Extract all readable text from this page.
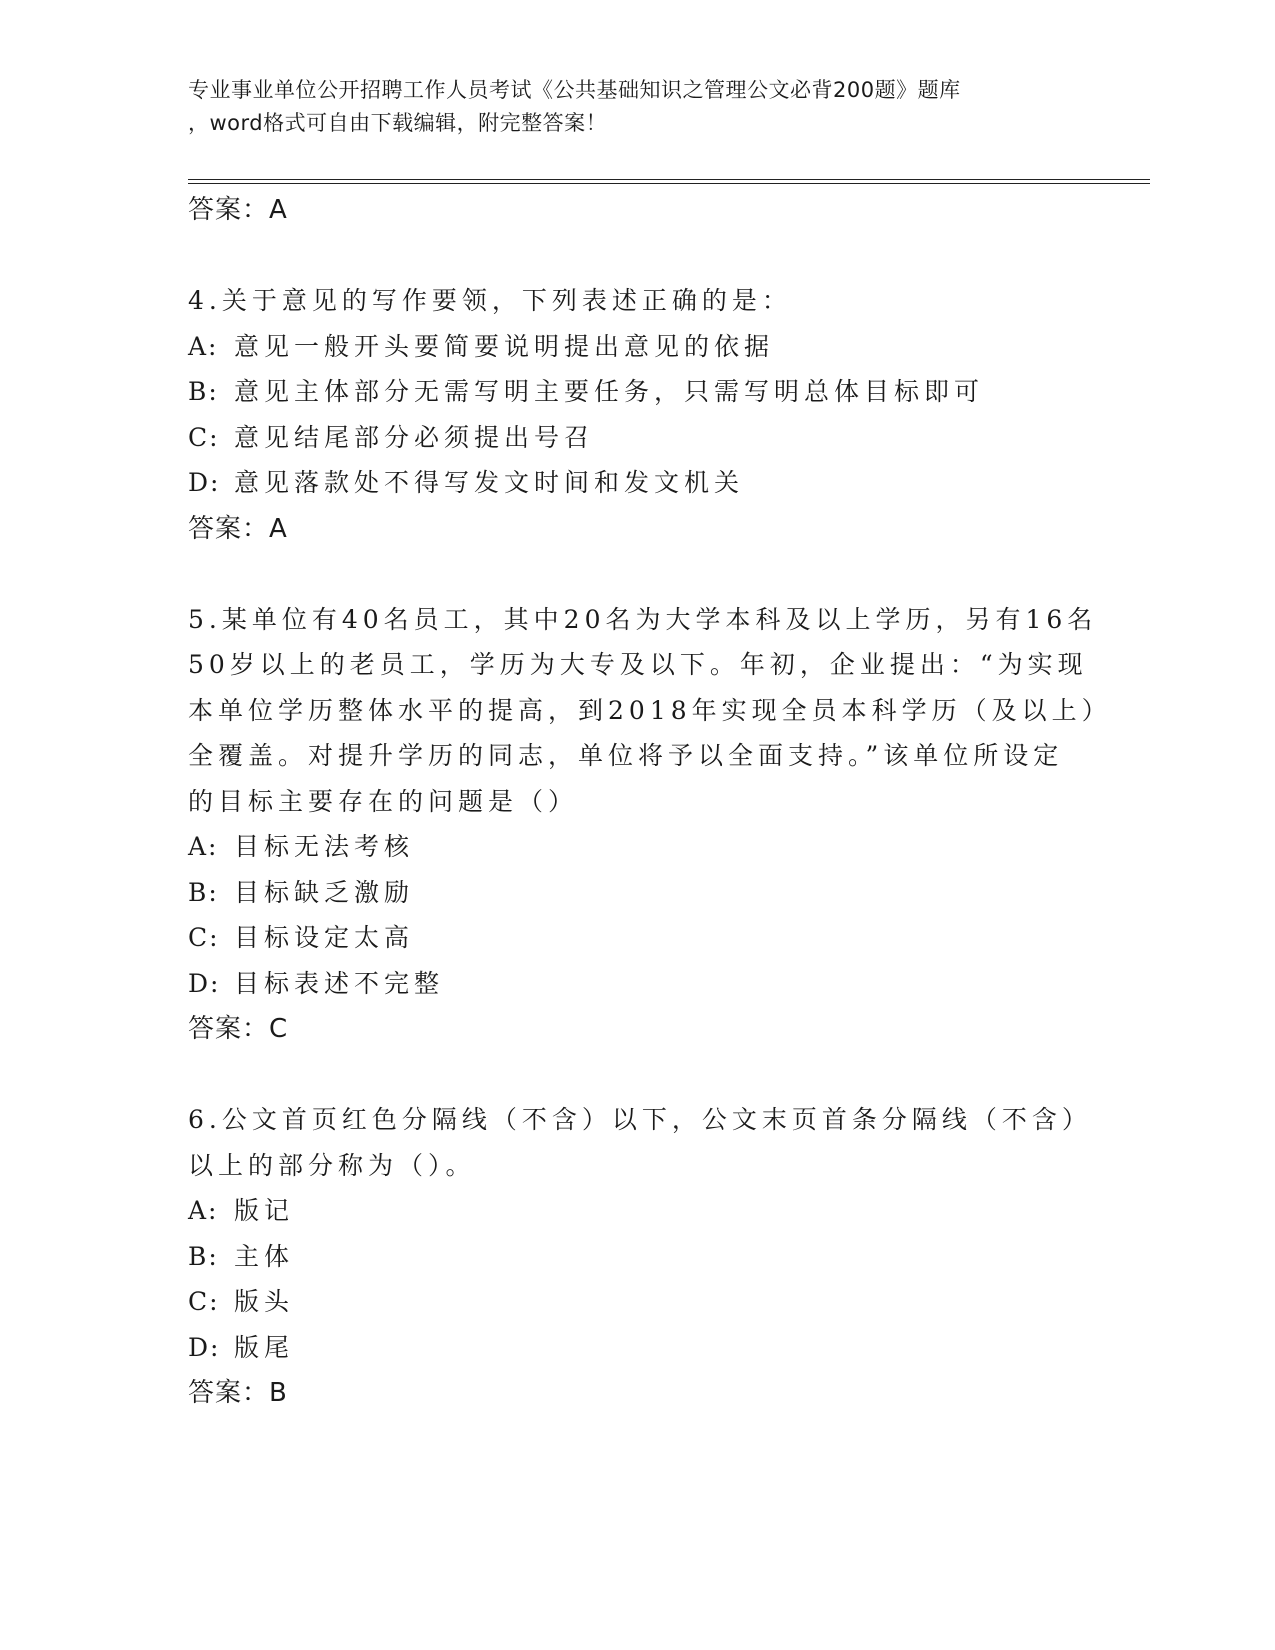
专业事业单位公开招聘工作人员考试《公共基础知识之管理公文必背200题》题库
，word格式可自由下载编辑，附完整答案！
答案：A
4.关于意见的写作要领，下列表述正确的是：
A: 意见一般开头要简要说明提出意见的依据
B: 意见主体部分无需写明主要任务，只需写明总体目标即可
C: 意见结尾部分必须提出号召
D: 意见落款处不得写发文时间和发文机关
答案：A
5.某单位有40名员工，其中20名为大学本科及以上学历，另有16名
50岁以上的老员工，学历为大专及以下。年初，企业提出：“为实现
本单位学历整体水平的提高，到2018年实现全员本科学历（及以上）
全覆盖。对提升学历的同志，单位将予以全面支持。”该单位所设定
的目标主要存在的问题是（）
A: 目标无法考核
B: 目标缺乏激励
C: 目标设定太高
D: 目标表述不完整
答案：C
6.公文首页红色分隔线（不含）以下，公文末页首条分隔线（不含）
以上的部分称为（）。
A: 版记
B: 主体
C: 版头
D: 版尾
答案：B
